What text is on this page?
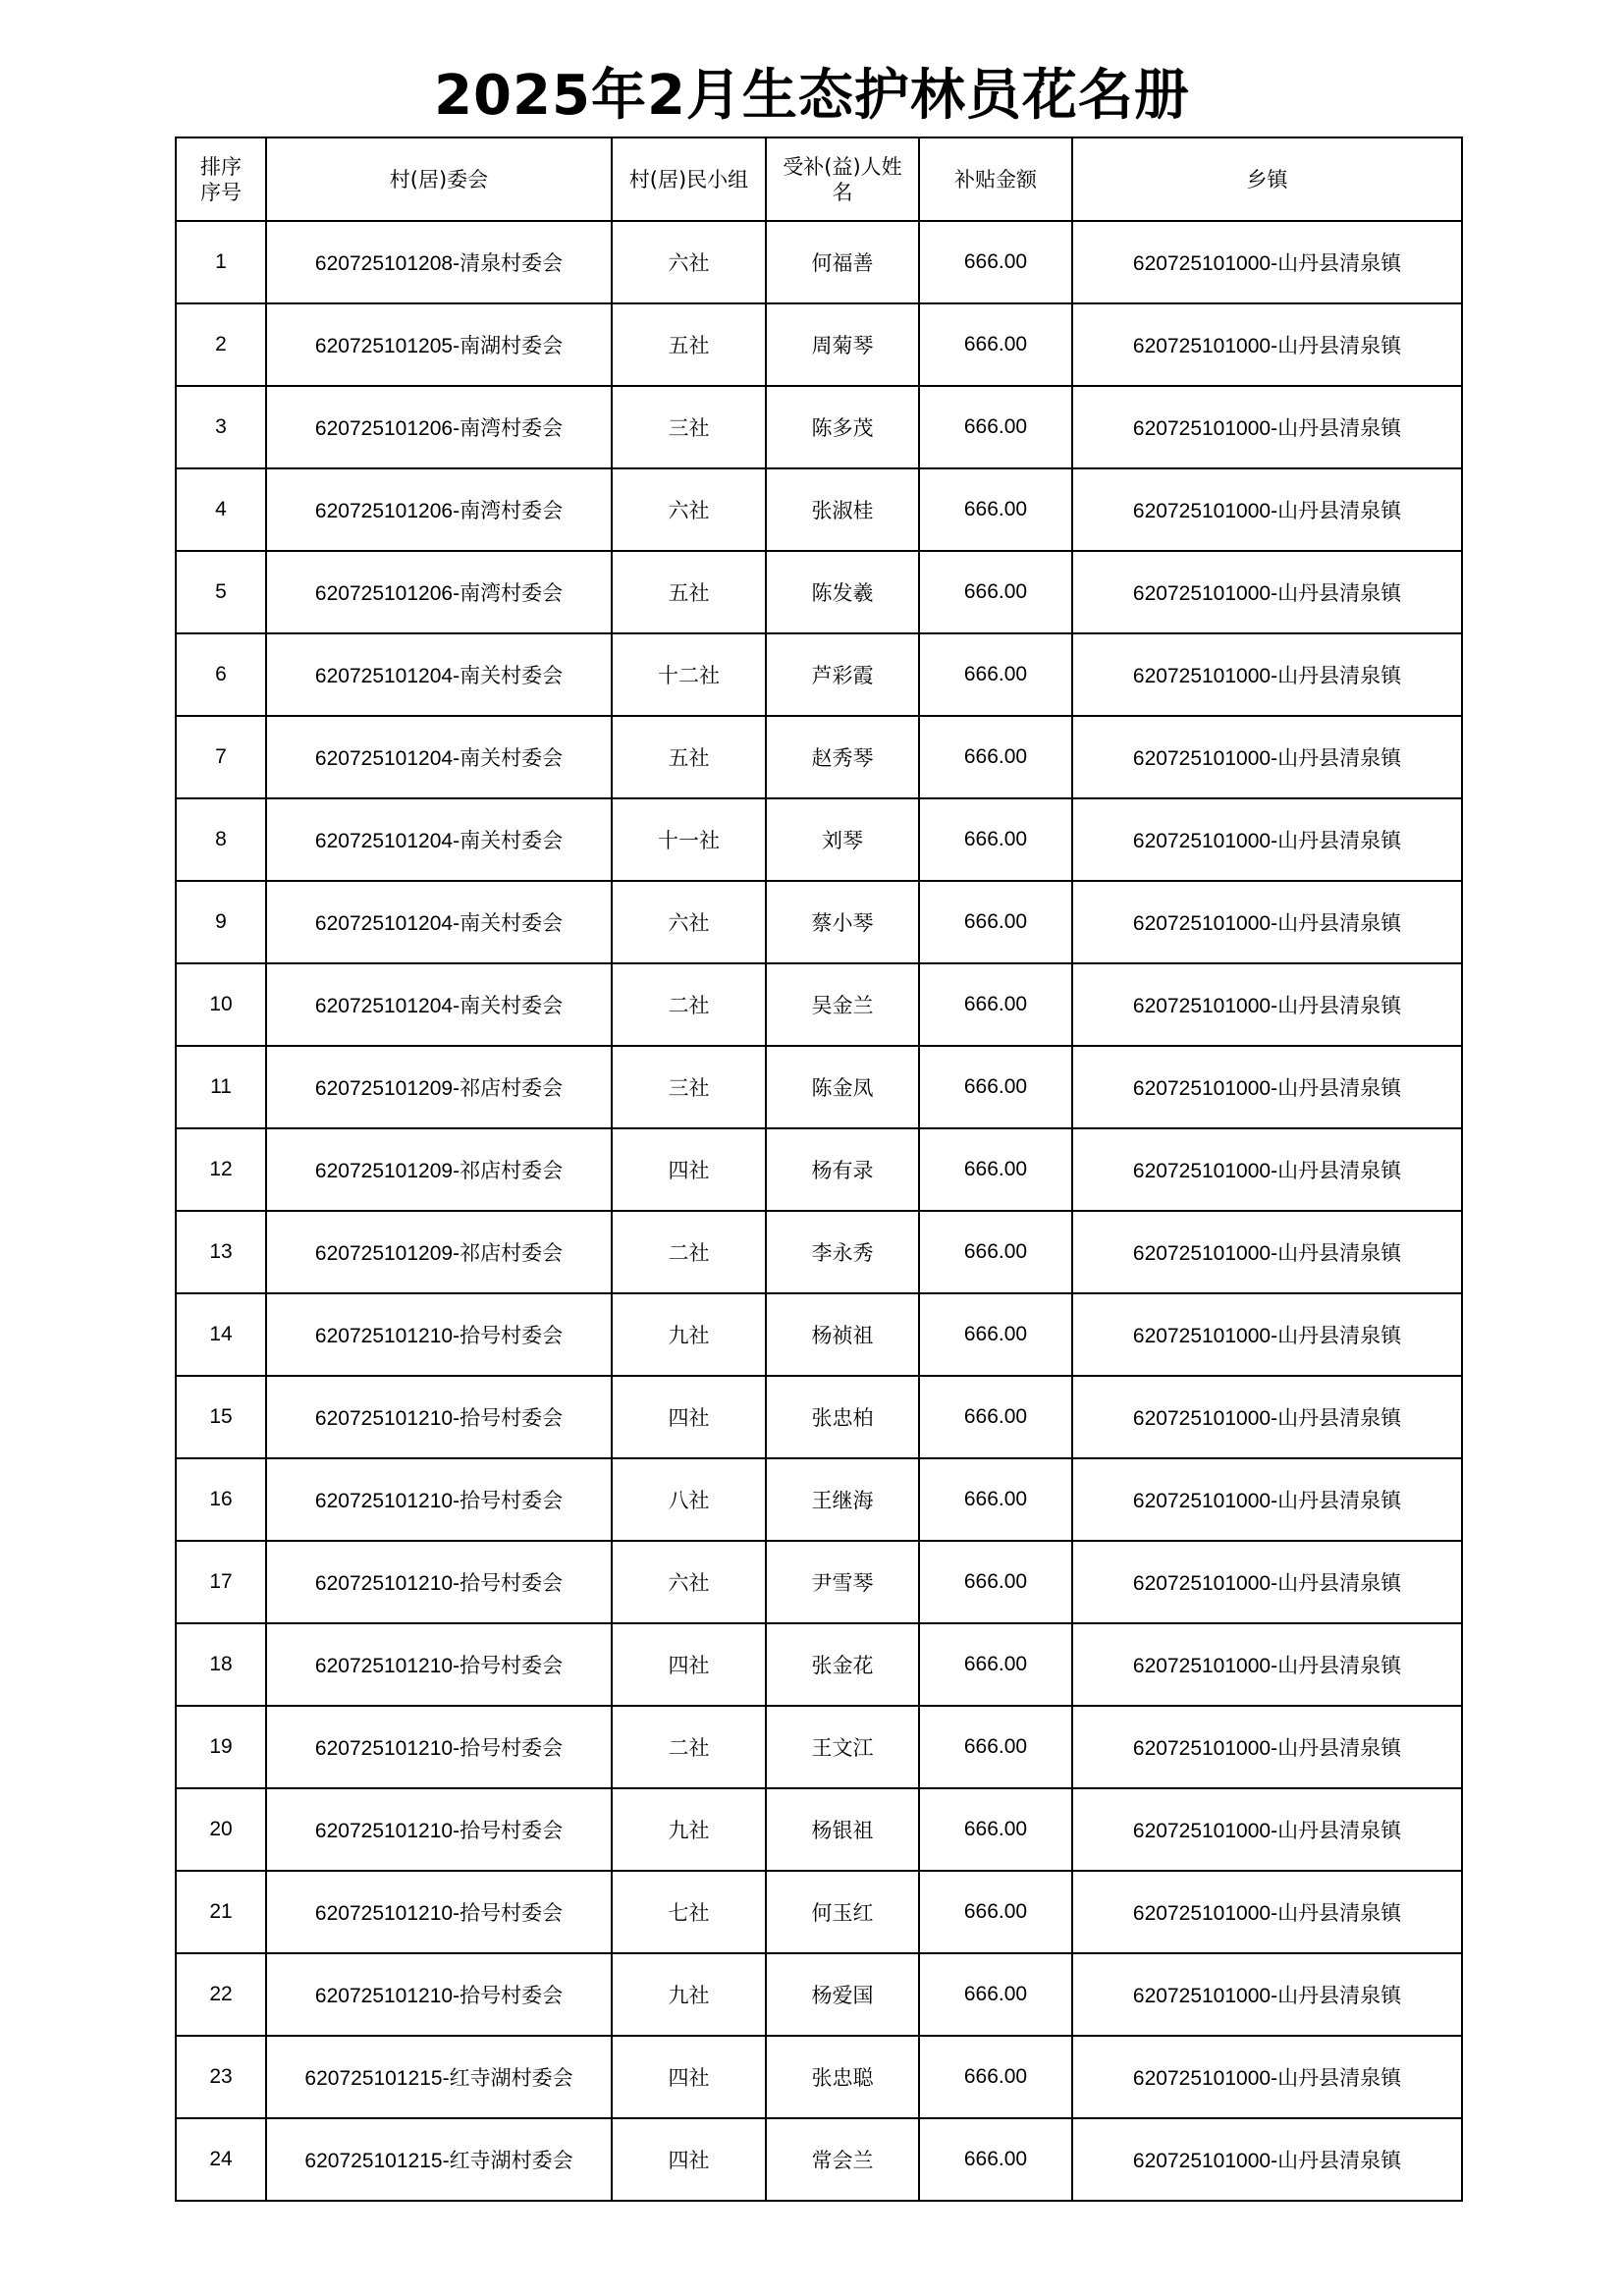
2025年2月生态护林员花名册
排序序号	村(居)委会	村(居)民小组	受补(益)人姓名	补贴金额	乡镇
1	620725101208-清泉村委会	六社	何福善	666.00	620725101000-山丹县清泉镇
2	620725101205-南湖村委会	五社	周菊琴	666.00	620725101000-山丹县清泉镇
3	620725101206-南湾村委会	三社	陈多茂	666.00	620725101000-山丹县清泉镇
4	620725101206-南湾村委会	六社	张淑桂	666.00	620725101000-山丹县清泉镇
5	620725101206-南湾村委会	五社	陈发羲	666.00	620725101000-山丹县清泉镇
6	620725101204-南关村委会	十二社	芦彩霞	666.00	620725101000-山丹县清泉镇
7	620725101204-南关村委会	五社	赵秀琴	666.00	620725101000-山丹县清泉镇
8	620725101204-南关村委会	十一社	刘琴	666.00	620725101000-山丹县清泉镇
9	620725101204-南关村委会	六社	蔡小琴	666.00	620725101000-山丹县清泉镇
10	620725101204-南关村委会	二社	吴金兰	666.00	620725101000-山丹县清泉镇
11	620725101209-祁店村委会	三社	陈金凤	666.00	620725101000-山丹县清泉镇
12	620725101209-祁店村委会	四社	杨有录	666.00	620725101000-山丹县清泉镇
13	620725101209-祁店村委会	二社	李永秀	666.00	620725101000-山丹县清泉镇
14	620725101210-拾号村委会	九社	杨祯祖	666.00	620725101000-山丹县清泉镇
15	620725101210-拾号村委会	四社	张忠柏	666.00	620725101000-山丹县清泉镇
16	620725101210-拾号村委会	八社	王继海	666.00	620725101000-山丹县清泉镇
17	620725101210-拾号村委会	六社	尹雪琴	666.00	620725101000-山丹县清泉镇
18	620725101210-拾号村委会	四社	张金花	666.00	620725101000-山丹县清泉镇
19	620725101210-拾号村委会	二社	王文江	666.00	620725101000-山丹县清泉镇
20	620725101210-拾号村委会	九社	杨银祖	666.00	620725101000-山丹县清泉镇
21	620725101210-拾号村委会	七社	何玉红	666.00	620725101000-山丹县清泉镇
22	620725101210-拾号村委会	九社	杨爱国	666.00	620725101000-山丹县清泉镇
23	620725101215-红寺湖村委会	四社	张忠聪	666.00	620725101000-山丹县清泉镇
24	620725101215-红寺湖村委会	四社	常会兰	666.00	620725101000-山丹县清泉镇
